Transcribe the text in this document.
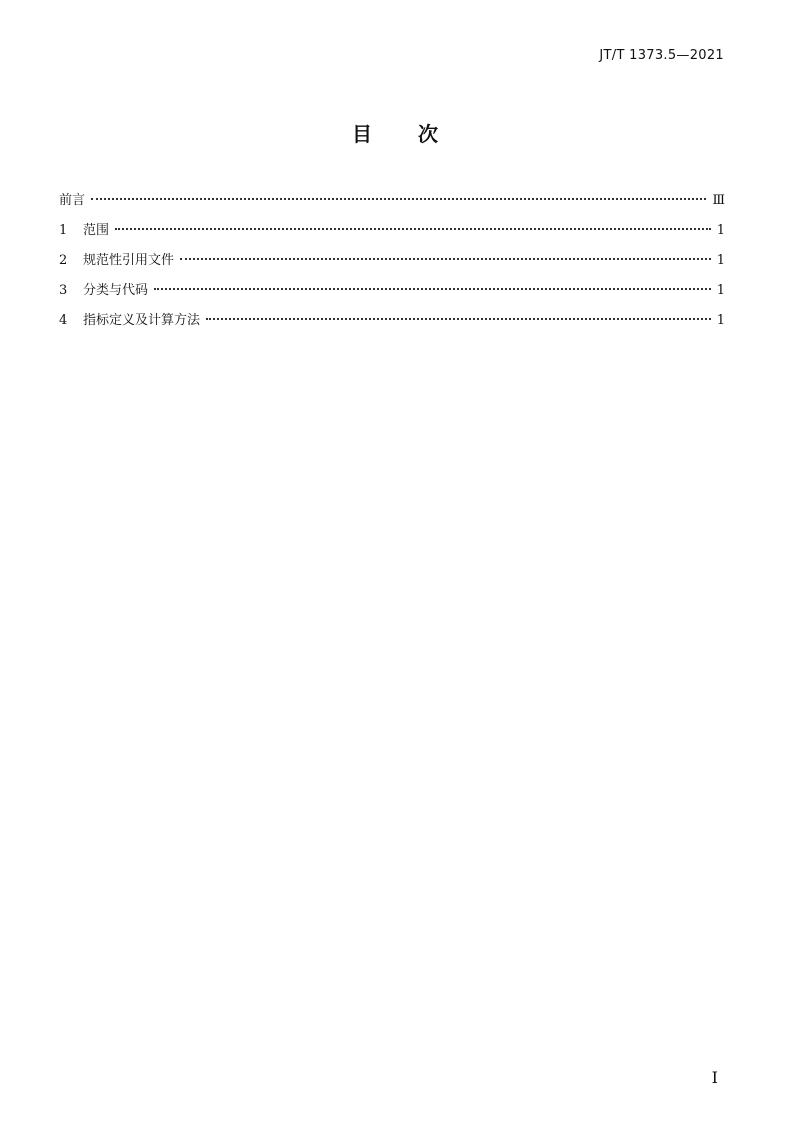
JT/T 1373.5—2021
目 次
前言	Ⅲ
1	范围	1
2	规范性引用文件	1
3	分类与代码	1
4	指标定义及计算方法	1
I
